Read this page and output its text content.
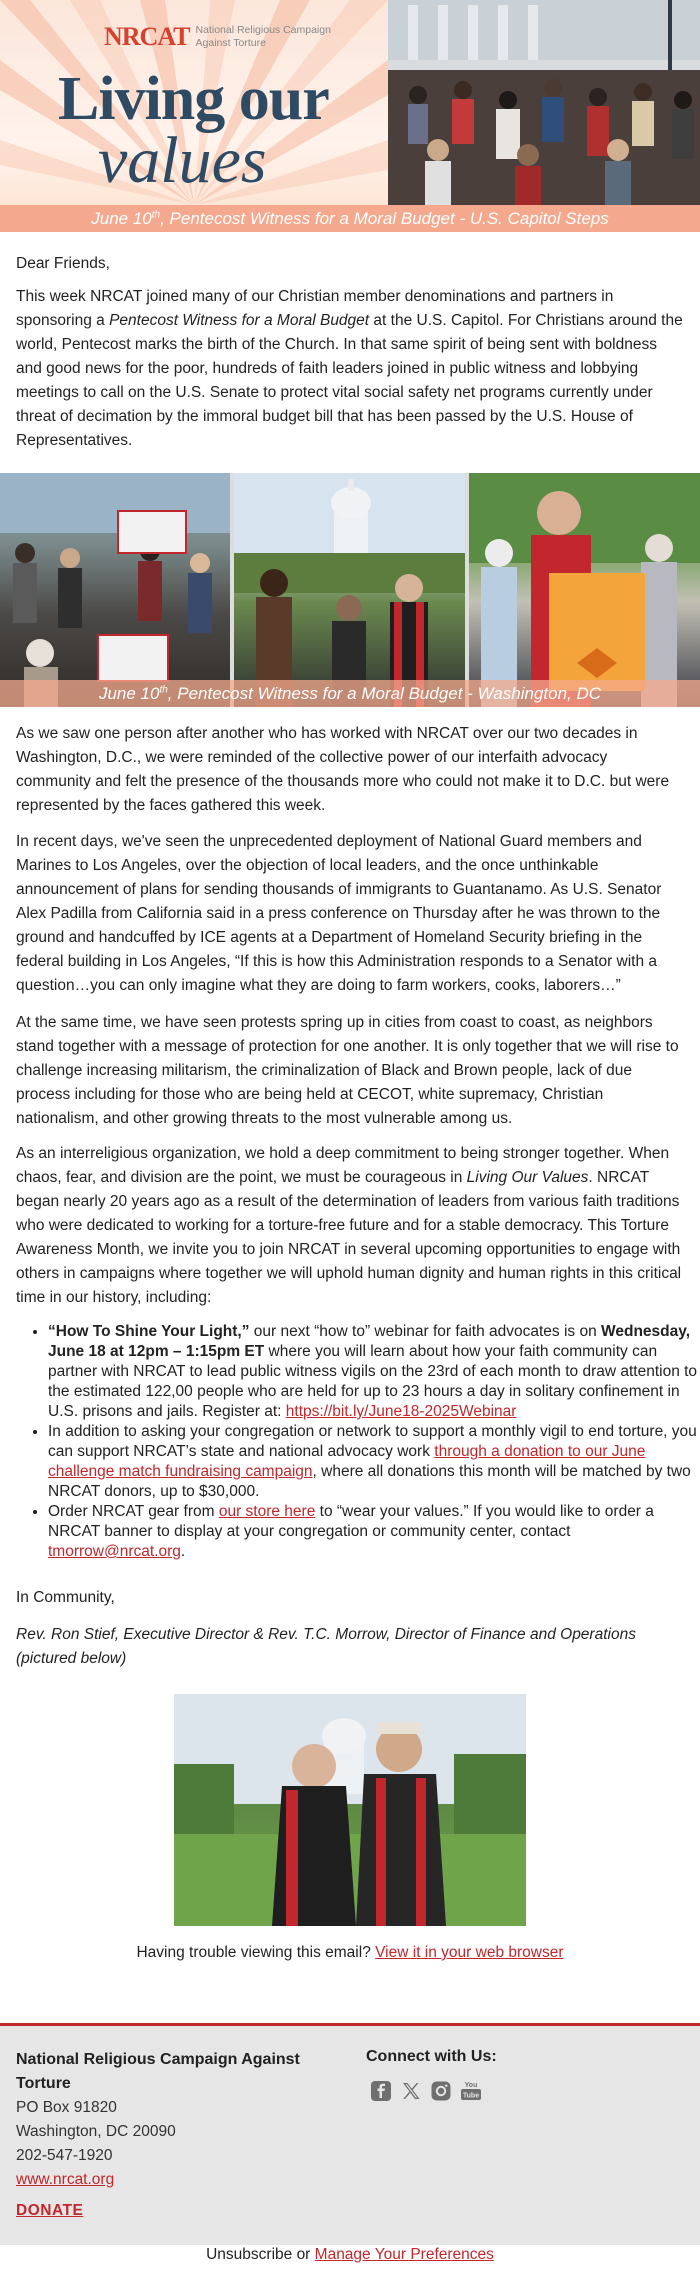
NRCAT National Religious Campaign Against Torture
Living our
values
June 10th, Pentecost Witness for a Moral Budget - U.S. Capitol Steps

Dear Friends,

This week NRCAT joined many of our Christian member denominations and partners in sponsoring a Pentecost Witness for a Moral Budget at the U.S. Capitol. For Christians around the world, Pentecost marks the birth of the Church. In that same spirit of being sent with boldness and good news for the poor, hundreds of faith leaders joined in public witness and lobbying meetings to call on the U.S. Senate to protect vital social safety net programs currently under threat of decimation by the immoral budget bill that has been passed by the U.S. House of Representatives.

June 10th, Pentecost Witness for a Moral Budget - Washington, DC

As we saw one person after another who has worked with NRCAT over our two decades in Washington, D.C., we were reminded of the collective power of our interfaith advocacy community and felt the presence of the thousands more who could not make it to D.C. but were represented by the faces gathered this week.

In recent days, we've seen the unprecedented deployment of National Guard members and Marines to Los Angeles, over the objection of local leaders, and the once unthinkable announcement of plans for sending thousands of immigrants to Guantanamo. As U.S. Senator Alex Padilla from California said in a press conference on Thursday after he was thrown to the ground and handcuffed by ICE agents at a Department of Homeland Security briefing in the federal building in Los Angeles, “If this is how this Administration responds to a Senator with a question…you can only imagine what they are doing to farm workers, cooks, laborers…”

At the same time, we have seen protests spring up in cities from coast to coast, as neighbors stand together with a message of protection for one another. It is only together that we will rise to challenge increasing militarism, the criminalization of Black and Brown people, lack of due process including for those who are being held at CECOT, white supremacy, Christian nationalism, and other growing threats to the most vulnerable among us.

As an interreligious organization, we hold a deep commitment to being stronger together. When chaos, fear, and division are the point, we must be courageous in Living Our Values. NRCAT began nearly 20 years ago as a result of the determination of leaders from various faith traditions who were dedicated to working for a torture-free future and for a stable democracy. This Torture Awareness Month, we invite you to join NRCAT in several upcoming opportunities to engage with others in campaigns where together we will uphold human dignity and human rights in this critical time in our history, including:

• “How To Shine Your Light,” our next “how to” webinar for faith advocates is on Wednesday, June 18 at 12pm – 1:15pm ET where you will learn about how your faith community can partner with NRCAT to lead public witness vigils on the 23rd of each month to draw attention to the estimated 122,00 people who are held for up to 23 hours a day in solitary confinement in U.S. prisons and jails. Register at: https://bit.ly/June18-2025Webinar
• In addition to asking your congregation or network to support a monthly vigil to end torture, you can support NRCAT’s state and national advocacy work through a donation to our June challenge match fundraising campaign, where all donations this month will be matched by two NRCAT donors, up to $30,000.
• Order NRCAT gear from our store here to “wear your values.” If you would like to order a NRCAT banner to display at your congregation or community center, contact tmorrow@nrcat.org.
In Community,
Rev. Ron Stief, Executive Director & Rev. T.C. Morrow, Director of Finance and Operations (pictured below)
Having trouble viewing this email? View it in your web browser
National Religious Campaign Against Torture
PO Box 91820
Washington, DC 20090
202-547-1920
www.nrcat.org
DONATE
Connect with Us:
You
Tube
Unsubscribe or Manage Your Preferences
